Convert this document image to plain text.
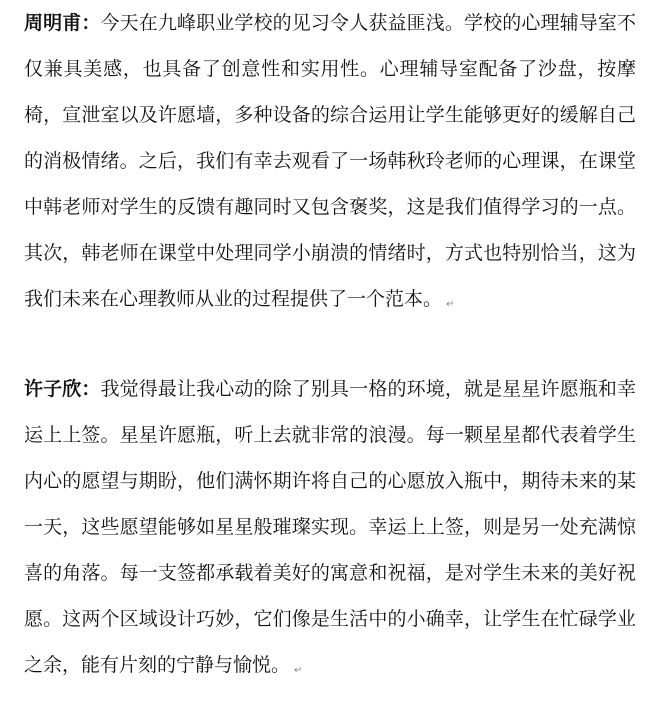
周明甫：今天在九峰职业学校的见习令人获益匪浅。学校的心理辅导室不仅兼具美感，也具备了创意性和实用性。心理辅导室配备了沙盘，按摩椅，宣泄室以及许愿墙，多种设备的综合运用让学生能够更好的缓解自己的消极情绪。之后，我们有幸去观看了一场韩秋玲老师的心理课，在课堂中韩老师对学生的反馈有趣同时又包含褒奖，这是我们值得学习的一点。其次，韩老师在课堂中处理同学小崩溃的情绪时，方式也特别恰当，这为我们未来在心理教师从业的过程提供了一个范本。 ↵

许子欣：我觉得最让我心动的除了别具一格的环境，就是星星许愿瓶和幸运上上签。星星许愿瓶，听上去就非常的浪漫。每一颗星星都代表着学生内心的愿望与期盼，他们满怀期许将自己的心愿放入瓶中，期待未来的某一天，这些愿望能够如星星般璀璨实现。幸运上上签，则是另一处充满惊喜的角落。每一支签都承载着美好的寓意和祝福，是对学生未来的美好祝愿。这两个区域设计巧妙，它们像是生活中的小确幸，让学生在忙碌学业之余，能有片刻的宁静与愉悦。 ↵
